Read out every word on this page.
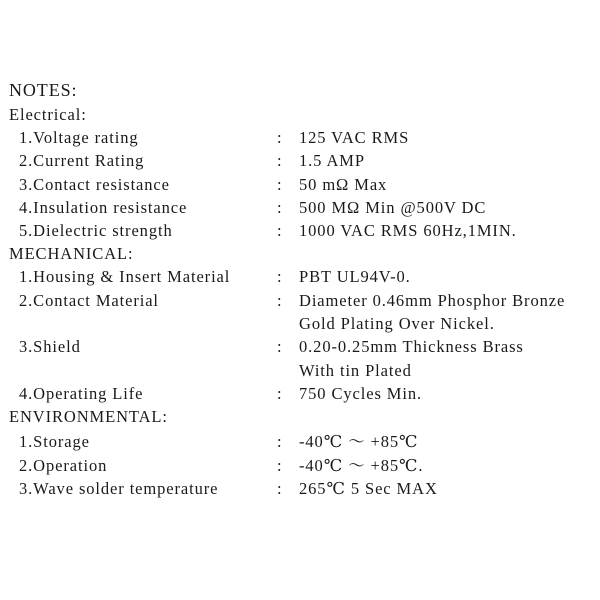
NOTES:
Electrical:
1.Voltage rating	:	125 VAC RMS
2.Current Rating	:	1.5 AMP
3.Contact resistance	:	50 mΩ Max
4.Insulation resistance	:	500 MΩ Min @500V DC
5.Dielectric strength	:	1000 VAC RMS 60Hz,1MIN.
MECHANICAL:
1.Housing & Insert Material	:	PBT UL94V-0.
2.Contact Material	:	Diameter 0.46mm Phosphor Bronze
Gold Plating Over Nickel.
3.Shield	:	0.20-0.25mm Thickness Brass
With tin Plated
4.Operating Life	:	750 Cycles Min.
ENVIRONMENTAL:
1.Storage	:	-40℃ ～ +85℃
2.Operation	:	-40℃ ～ +85℃.
3.Wave solder temperature	:	265℃ 5 Sec MAX
